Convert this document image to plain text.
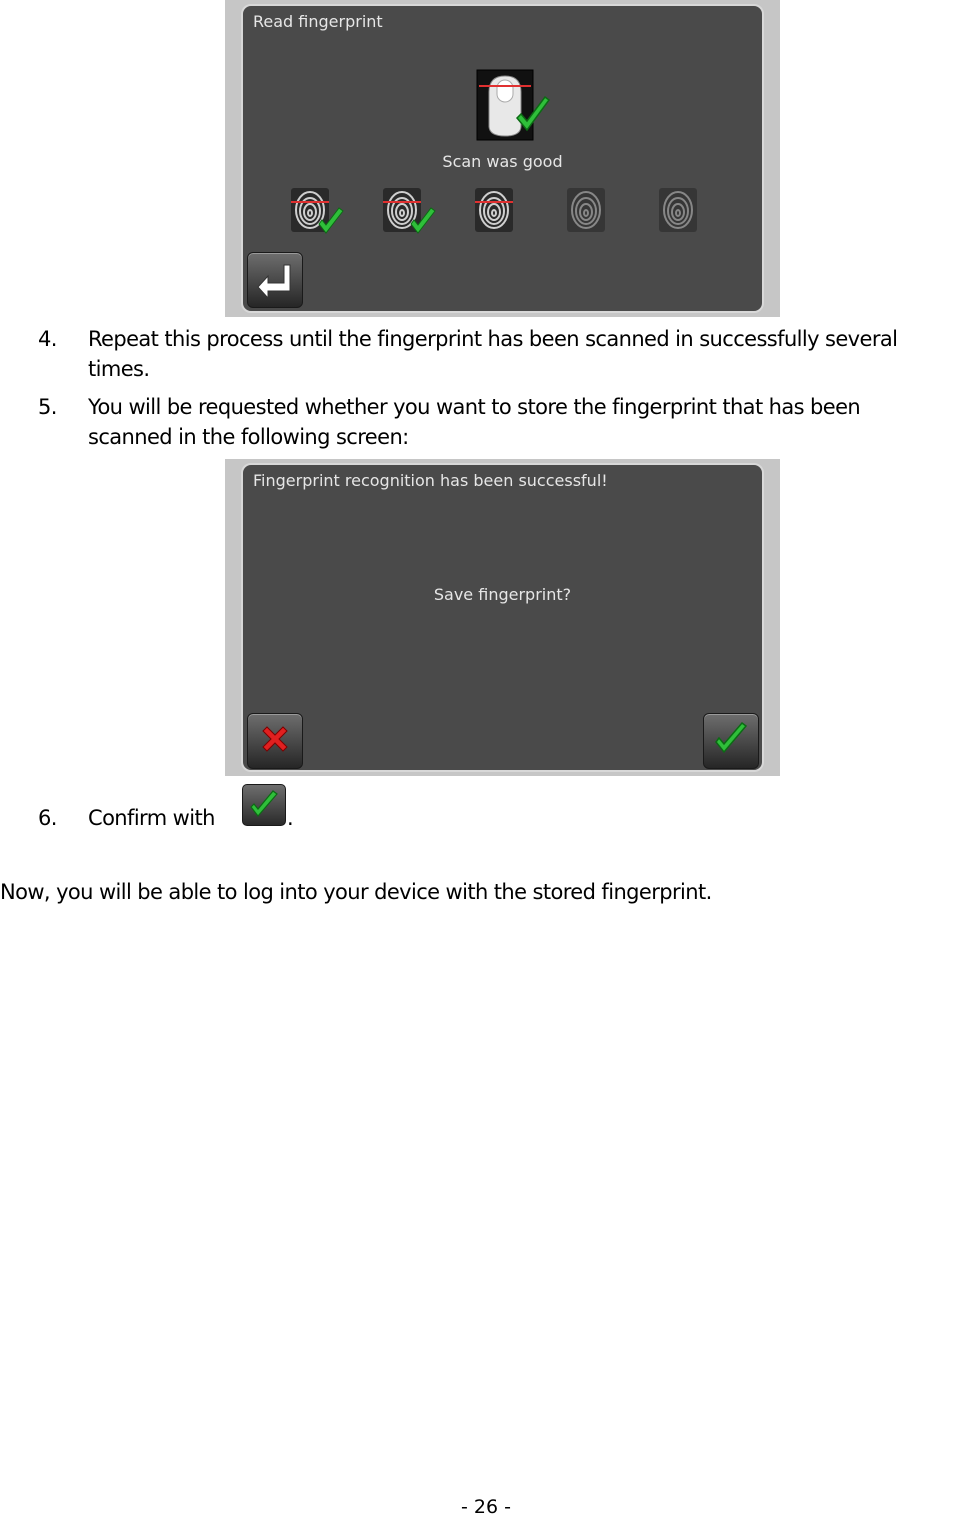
Read fingerprint
Scan was good
4. Repeat this process until the fingerprint has been scanned in successfully several
times.
5. You will be requested whether you want to store the fingerprint that has been
scanned in the following screen:
Fingerprint recognition has been successful!
Save fingerprint?
6. Confirm with	.
Now, you will be able to log into your device with the stored fingerprint.
- 26 -
